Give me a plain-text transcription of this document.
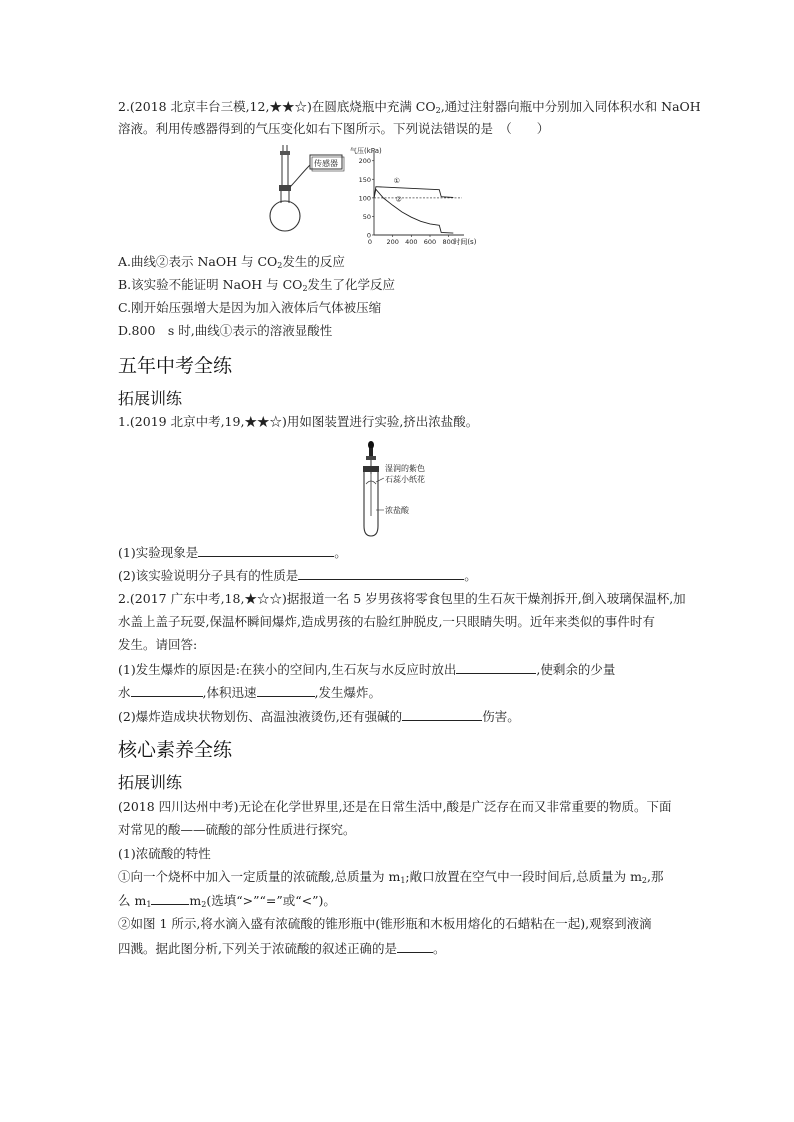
2.(2018 北京丰台三模,12,★★☆)在圆底烧瓶中充满 $CO_2$,通过注射器向瓶中分别加入同体积水和 NaOH
溶液。利用传感器得到的气压变化如右下图所示。下列说法错误的是　（　　）
传感器
气压(kPa)
0
50
100
150
200
0 200 400 600 800
①
②
时间(s)
A.曲线②表示 NaOH 与 $CO_2$发生的反应
B.该实验不能证明 NaOH 与 $CO_2$发生了化学反应
C.刚开始压强增大是因为加入液体后气体被压缩
D.800　s 时,曲线①表示的溶液显酸性
五年中考全练
拓展训练
1.(2019 北京中考,19,★★☆)用如图装置进行实验,挤出浓盐酸。
湿润的紫色
石蕊小纸花
浓盐酸
(1)实验现象是	。
(2)该实验说明分子具有的性质是	。
2.(2017 广东中考,18,★☆☆)据报道一名 5 岁男孩将零食包里的生石灰干燥剂拆开,倒入玻璃保温杯,加
水盖上盖子玩耍,保温杯瞬间爆炸,造成男孩的右脸红肿脱皮,一只眼睛失明。近年来类似的事件时有
发生。请回答:
(1)发生爆炸的原因是:在狭小的空间内,生石灰与水反应时放出	,使剩余的少量
水	,体积迅速	,发生爆炸。
(2)爆炸造成块状物划伤、高温浊液烫伤,还有强碱的	伤害。
核心素养全练
拓展训练
(2018 四川达州中考)无论在化学世界里,还是在日常生活中,酸是广泛存在而又非常重要的物质。下面
对常见的酸——硫酸的部分性质进行探究。
(1)浓硫酸的特性
①向一个烧杯中加入一定质量的浓硫酸,总质量为 $m_1$;敞口放置在空气中一段时间后,总质量为 $m_2$,那
么 $m_1$	$m_2$(选填“>”“=”或“<”)。
②如图 1 所示,将水滴入盛有浓硫酸的锥形瓶中(锥形瓶和木板用熔化的石蜡粘在一起),观察到液滴
四溅。据此图分析,下列关于浓硫酸的叙述正确的是	。
